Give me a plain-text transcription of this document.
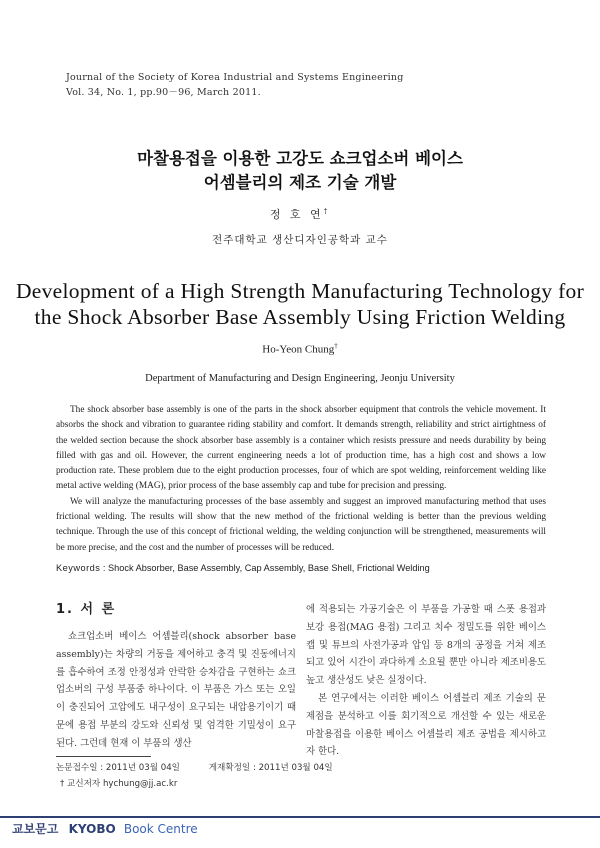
Journal of the Society of Korea Industrial and Systems Engineering
Vol. 34, No. 1, pp.90－96, March 2011.
마찰용접을 이용한 고강도 쇼크업소버 베이스
어셈블리의 제조 기술 개발
정 호 연†
전주대학교 생산디자인공학과 교수
Development of a High Strength Manufacturing Technology for
the Shock Absorber Base Assembly Using Friction Welding
Ho-Yeon Chung†
Department of Manufacturing and Design Engineering, Jeonju University

The shock absorber base assembly is one of the parts in the shock absorber equipment that controls the vehicle movement. It absorbs the shock and vibration to guarantee riding stability and comfort. It demands strength, reliability and strict airtightness of the welded section because the shock absorber base assembly is a container which resists pressure and needs durability by being filled with gas and oil. However, the current engineering needs a lot of production time, has a high cost and shows a low production rate. These problem due to the eight production processes, four of which are spot welding, reinforcement welding like metal active welding (MAG), prior process of the base assembly cap and tube for precision and pressing.

We will analyze the manufacturing processes of the base assembly and suggest an improved manufacturing method that uses frictional welding. The results will show that the new method of the frictional welding is better than the previous welding technique. Through the use of this concept of frictional welding, the welding conjunction will be strengthened, measurements will be more precise, and the cost and the number of processes will be reduced.

Keywords : Shock Absorber, Base Assembly, Cap Assembly, Base Shell, Frictional Welding
1. 서 론

쇼크업소버 베이스 어셈블리(shock absorber base assembly)는 차량의 거동을 제어하고 충격 및 진동에너지를 흡수하여 조정 안정성과 안락한 승차감을 구현하는 쇼크업소버의 구성 부품중 하나이다. 이 부품은 가스 또는 오일이 충진되어 고압에도 내구성이 요구되는 내압용기이기 때문에 용접 부분의 강도와 신뢰성 및 엄격한 기밀성이 요구된다. 그런데 현재 이 부품의 생산

에 적용되는 가공기술은 이 부품을 가공할 때 스폿 용접과 보강 용접(MAG 용접) 그리고 치수 정밀도를 위한 베이스 캡 및 튜브의 사전가공과 압입 등 8개의 공정을 거쳐 제조되고 있어 시간이 과다하게 소요될 뿐만 아니라 제조비용도 높고 생산성도 낮은 실정이다.

본 연구에서는 이러한 베이스 어셈블리 제조 기술의 문제점을 분석하고 이를 회기적으로 개선할 수 있는 새로운 마찰용접을 이용한 베이스 어셈블리 제조 공법을 제시하고자 한다.

논문접수일 : 2011년 03월 04일	게재확정일 : 2011년 03월 04일
† 교신저자 hychung@jj.ac.kr
교보문고 KYOBO Book Centre
